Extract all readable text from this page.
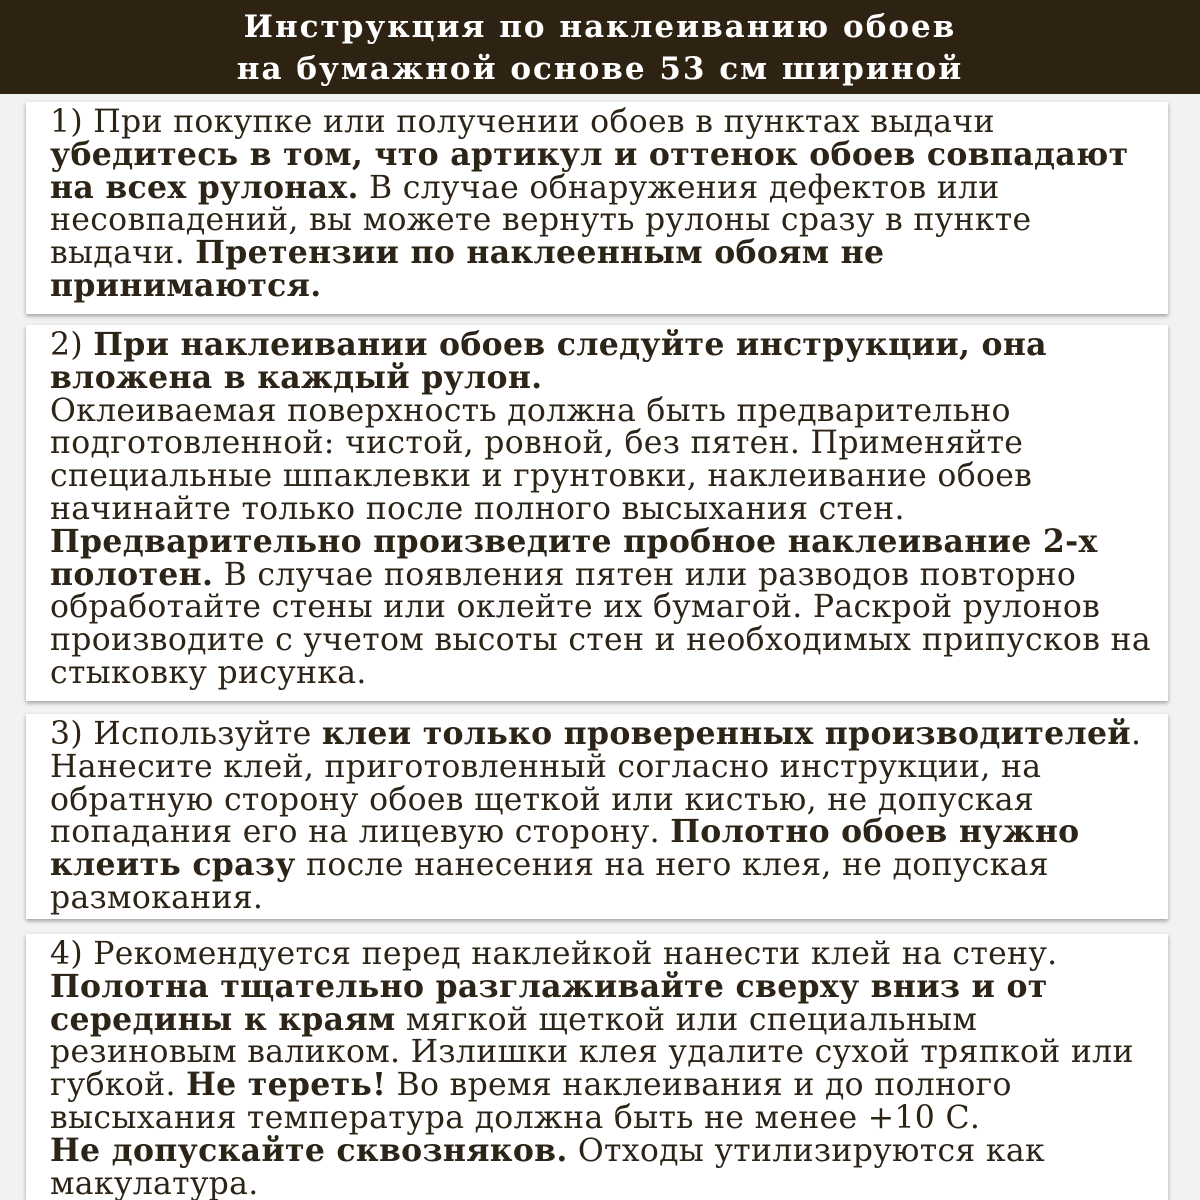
Инструкция по наклеиванию обоев
на бумажной основе 53 см шириной

1) При покупке или получении обоев в пунктах выдачи убедитесь в том, что артикул и оттенок обоев совпадают на всех рулонах. В случае обнаружения дефектов или несовпадений, вы можете вернуть рулоны сразу в пункте выдачи. Претензии по наклеенным обоям не принимаются.

2) При наклеивании обоев следуйте инструкции, она вложена в каждый рулон.

Оклеиваемая поверхность должна быть предварительно подготовленной: чистой, ровной, без пятен. Применяйте специальные шпаклевки и грунтовки, наклеивание обоев начинайте только после полного высыхания стен.

Предварительно произведите пробное наклеивание 2-х полотен. В случае появления пятен или разводов повторно обработайте стены или оклейте их бумагой. Раскрой рулонов производите с учетом высоты стен и необходимых припусков на стыковку рисунка.

3) Используйте клеи только проверенных производителей. Нанесите клей, приготовленный согласно инструкции, на обратную сторону обоев щеткой или кистью, не допуская попадания его на лицевую сторону. Полотно обоев нужно клеить сразу после нанесения на него клея, не допуская размокания.

4) Рекомендуется перед наклейкой нанести клей на стену.

Полотна тщательно разглаживайте сверху вниз и от середины к краям мягкой щеткой или специальным резиновым валиком. Излишки клея удалите сухой тряпкой или губкой. Не тереть! Во время наклеивания и до полного высыхания температура должна быть не менее +10 С.

Не допускайте сквозняков. Отходы утилизируются как макулатура.
